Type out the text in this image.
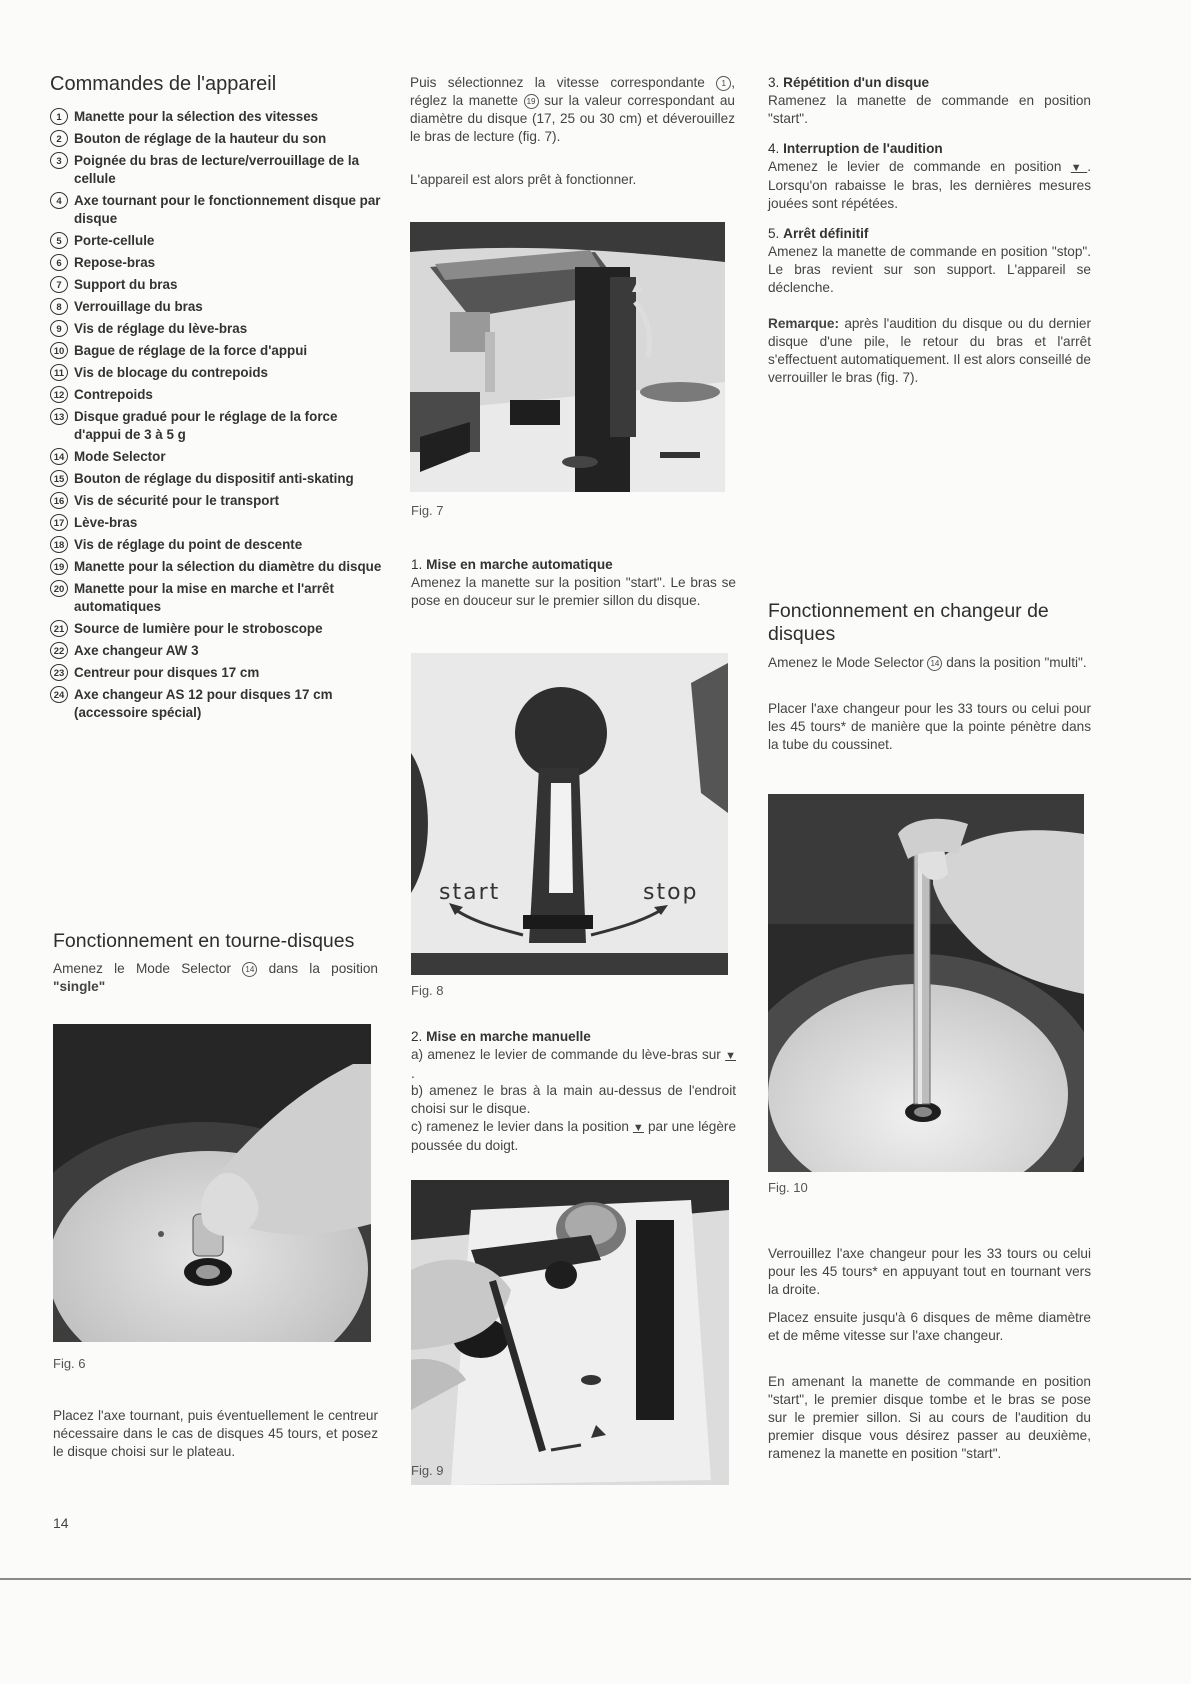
Commandes de l'appareil
1 Manette pour la sélection des vitesses
2 Bouton de réglage de la hauteur du son
3 Poignée du bras de lecture/verrouillage de la cellule
4 Axe tournant pour le fonctionnement disque par disque
5 Porte-cellule
6 Repose-bras
7 Support du bras
8 Verrouillage du bras
9 Vis de réglage du lève-bras
10 Bague de réglage de la force d'appui
11 Vis de blocage du contrepoids
12 Contrepoids
13 Disque gradué pour le réglage de la force d'appui de 3 à 5 g
14 Mode Selector
15 Bouton de réglage du dispositif anti-skating
16 Vis de sécurité pour le transport
17 Lève-bras
18 Vis de réglage du point de descente
19 Manette pour la sélection du diamètre du disque
20 Manette pour la mise en marche et l'arrêt automatiques
21 Source de lumière pour le stroboscope
22 Axe changeur AW 3
23 Centreur pour disques 17 cm
24 Axe changeur AS 12 pour disques 17 cm (accessoire spécial)
Fonctionnement en tourne-disques

Amenez le Mode Selector 14 dans la position "single"

Fig. 6

Placez l'axe tournant, puis éventuellement le centreur nécessaire dans le cas de disques 45 tours, et posez le disque choisi sur le plateau.

14

Puis sélectionnez la vitesse correspondante 1 , réglez la manette 19 sur la valeur correspondant au diamètre du disque (17, 25 ou 30 cm) et déverouillez le bras de lecture (fig. 7).

L'appareil est alors prêt à fonctionner.

Fig. 7
1. Mise en marche automatique

Amenez la manette sur la position "start". Le bras se pose en douceur sur le premier sillon du disque.

start	stop
Fig. 8
2. Mise en marche manuelle

a) amenez le levier de commande du lève-bras sur ▼ .

b) amenez le bras à la main au-dessus de l'endroit choisi sur le disque.

c) ramenez le levier dans la position ▼ par une légère poussée du doigt.

Fig. 9
3. Répétition d'un disque

Ramenez la manette de commande en position "start".

4. Interruption de l'audition

Amenez le levier de commande en position ▼. Lorsqu'on rabaisse le bras, les dernières mesures jouées sont répétées.

5. Arrêt définitif

Amenez la manette de commande en position "stop". Le bras revient sur son support. L'appareil se déclenche.

Remarque: après l'audition du disque ou du dernier disque d'une pile, le retour du bras et l'arrêt s'effectuent automatiquement. Il est alors conseillé de verrouiller le bras (fig. 7).

Fonctionnement en changeur de disques

Amenez le Mode Selector 14 dans la position "multi".

Placer l'axe changeur pour les 33 tours ou celui pour les 45 tours* de manière que la pointe pénètre dans la tube du coussinet.

Fig. 10

Verrouillez l'axe changeur pour les 33 tours ou celui pour les 45 tours* en appuyant tout en tournant vers la droite.

Placez ensuite jusqu'à 6 disques de même diamètre et de même vitesse sur l'axe changeur.

En amenant la manette de commande en position "start", le premier disque tombe et le bras se pose sur le premier sillon. Si au cours de l'audition du premier disque vous désirez passer au deuxième, ramenez la manette en position "start".
